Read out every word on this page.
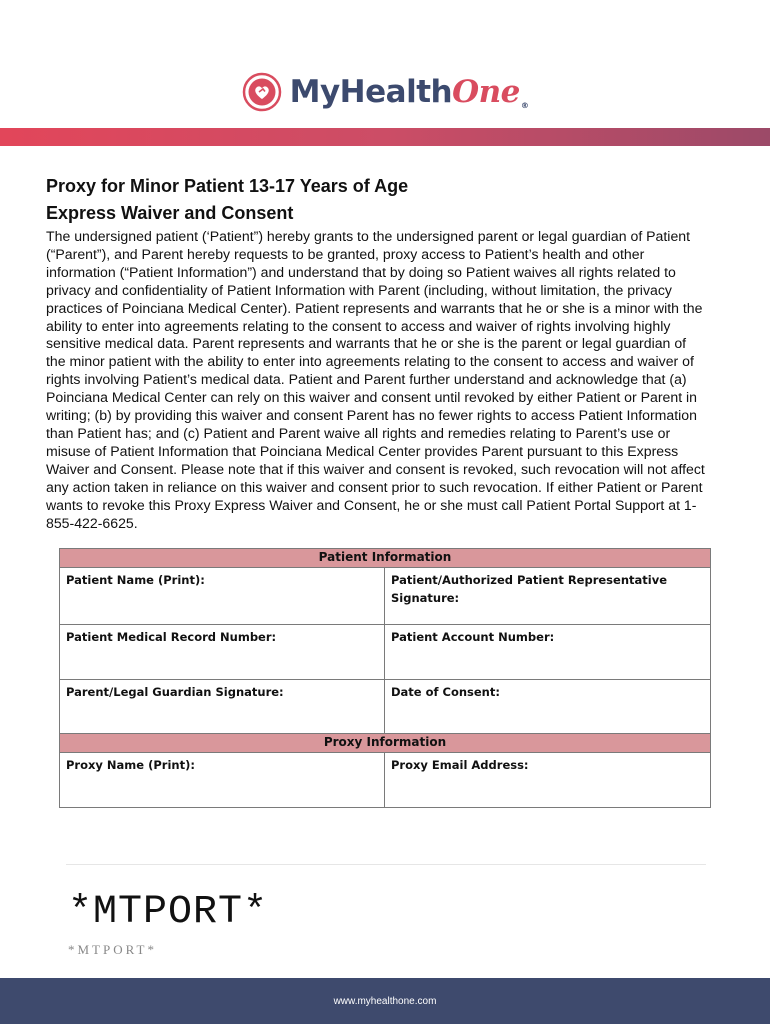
MyHealthOne®
Proxy for Minor Patient 13-17 Years of Age
Express Waiver and Consent
The undersigned patient (‘Patient”) hereby grants to the undersigned parent or legal guardian of Patient (“Parent”), and Parent hereby requests to be granted, proxy access to Patient’s health and other information (“Patient Information”) and understand that by doing so Patient waives all rights related to privacy and confidentiality of Patient Information with Parent (including, without limitation, the privacy practices of Poinciana Medical Center). Patient represents and warrants that he or she is a minor with the ability to enter into agreements relating to the consent to access and waiver of rights involving highly sensitive medical data. Parent represents and warrants that he or she is the parent or legal guardian of the minor patient with the ability to enter into agreements relating to the consent to access and waiver of rights involving Patient’s medical data. Patient and Parent further understand and acknowledge that (a) Poinciana Medical Center can rely on this waiver and consent until revoked by either Patient or Parent in writing; (b) by providing this waiver and consent Parent has no fewer rights to access Patient Information than Patient has; and (c) Patient and Parent waive all rights and remedies relating to Parent’s use or misuse of Patient Information that Poinciana Medical Center provides Parent pursuant to this Express Waiver and Consent. Please note that if this waiver and consent is revoked, such revocation will not affect any action taken in reliance on this waiver and consent prior to such revocation. If either Patient or Parent wants to revoke this Proxy Express Waiver and Consent, he or she must call Patient Portal Support at 1-855-422-6625.
Patient Information	
Patient Name (Print):	Patient/Authorized Patient Representative Signature:
Patient Medical Record Number:	Patient Account Number:
Parent/Legal Guardian Signature:	Date of Consent:
Proxy Information
Proxy Name (Print):	Proxy Email Address:
*MTPORT*
*MTPORT*
www.myhealthone.com
